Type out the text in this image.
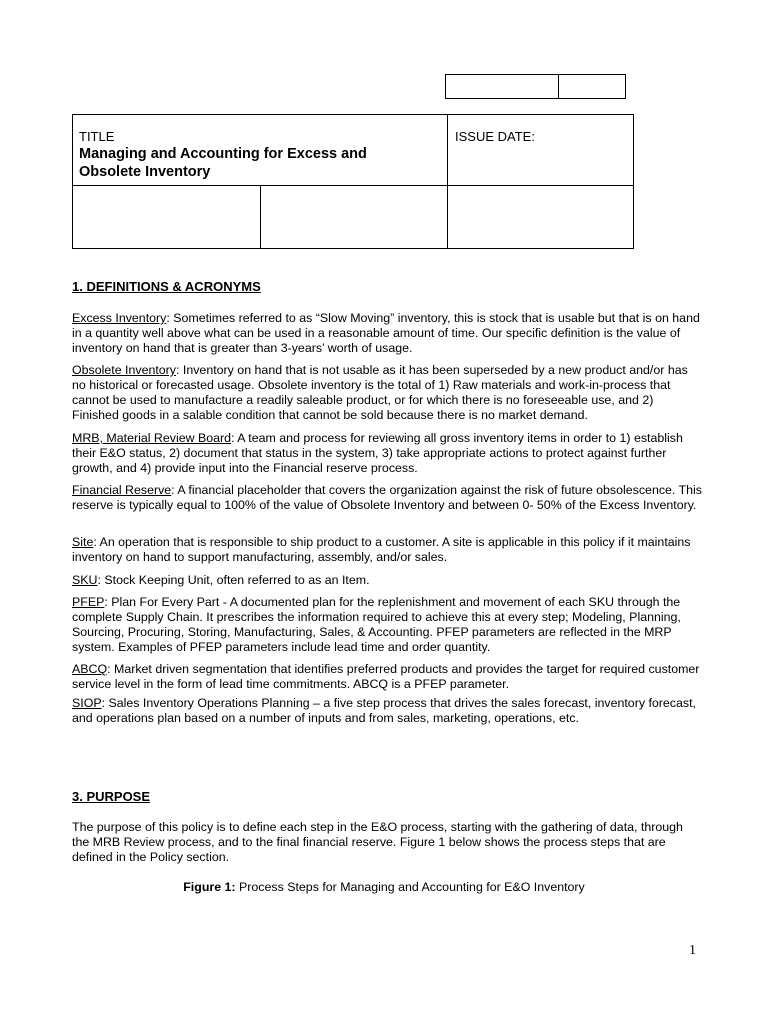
TITLE
Managing and Accounting for Excess and Obsolete Inventory
ISSUE DATE:
1. DEFINITIONS & ACRONYMS

Excess Inventory: Sometimes referred to as “Slow Moving” inventory, this is stock that is usable but that is on hand in a quantity well above what can be used in a reasonable amount of time. Our specific definition is the value of inventory on hand that is greater than 3-years’ worth of usage.

Obsolete Inventory: Inventory on hand that is not usable as it has been superseded by a new product and/or has no historical or forecasted usage. Obsolete inventory is the total of 1) Raw materials and work-in-process that cannot be used to manufacture a readily saleable product, or for which there is no foreseeable use, and 2) Finished goods in a salable condition that cannot be sold because there is no market demand.

MRB, Material Review Board: A team and process for reviewing all gross inventory items in order to 1) establish their E&O status, 2) document that status in the system, 3) take appropriate actions to protect against further growth, and 4) provide input into the Financial reserve process.

Financial Reserve: A financial placeholder that covers the organization against the risk of future obsolescence. This reserve is typically equal to 100% of the value of Obsolete Inventory and between 0- 50% of the Excess Inventory.

Site: An operation that is responsible to ship product to a customer. A site is applicable in this policy if it maintains inventory on hand to support manufacturing, assembly, and/or sales.

SKU: Stock Keeping Unit, often referred to as an Item.

PFEP: Plan For Every Part - A documented plan for the replenishment and movement of each SKU through the complete Supply Chain. It prescribes the information required to achieve this at every step; Modeling, Planning, Sourcing, Procuring, Storing, Manufacturing, Sales, & Accounting. PFEP parameters are reflected in the MRP system. Examples of PFEP parameters include lead time and order quantity.

ABCQ: Market driven segmentation that identifies preferred products and provides the target for required customer service level in the form of lead time commitments. ABCQ is a PFEP parameter.

SIOP: Sales Inventory Operations Planning – a five step process that drives the sales forecast, inventory forecast, and operations plan based on a number of inputs and from sales, marketing, operations, etc.

3. PURPOSE

The purpose of this policy is to define each step in the E&O process, starting with the gathering of data, through the MRB Review process, and to the final financial reserve. Figure 1 below shows the process steps that are defined in the Policy section.

Figure 1: Process Steps for Managing and Accounting for E&O Inventory
1
